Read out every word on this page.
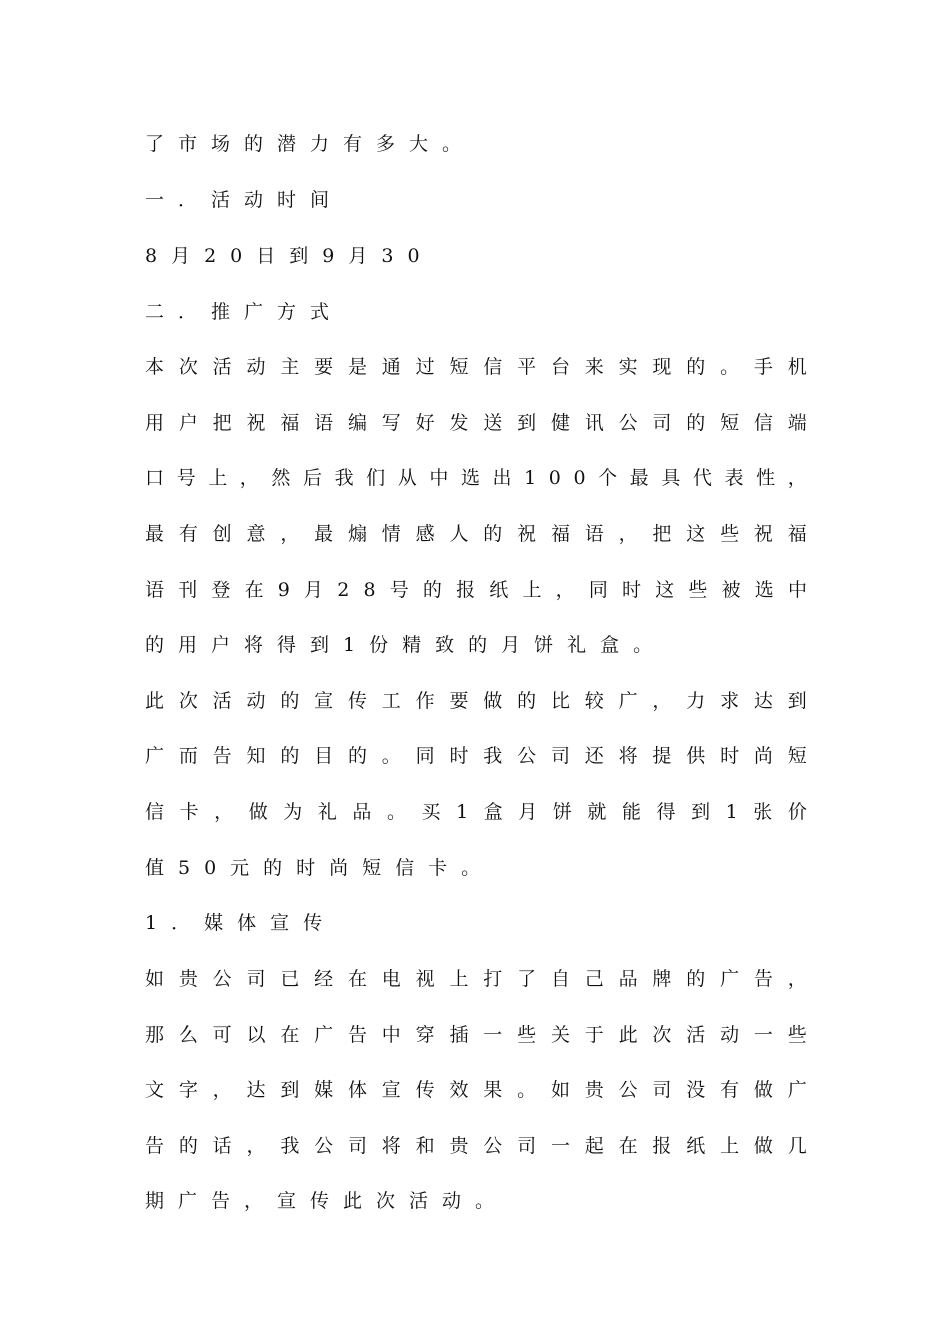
了市场的潜力有多大。
一．活动时间
8月20日到9月30
二．推广方式
本 次 活 动 主 要 是 通 过 短 信 平 台 来 实 现 的 。 手 机
用 户 把 祝 福 语 编 写 好 发 送 到 健 讯 公 司 的 短 信 端
口 号 上 ， 然 后 我 们 从 中 选 出 1 0 0 个 最 具 代 表 性 ，
最 有 创 意 ， 最 煽 情 感 人 的 祝 福 语 ， 把 这 些 祝 福
语 刊 登 在 9 月 2 8 号 的 报 纸 上 ， 同 时 这 些 被 选 中
的用户将得到1份精致的月饼礼盒。
此 次 活 动 的 宣 传 工 作 要 做 的 比 较 广 ， 力 求 达 到
广 而 告 知 的 目 的 。 同 时 我 公 司 还 将 提 供 时 尚 短
信 卡 ， 做 为 礼 品 。 买 1 盒 月 饼 就 能 得 到 1 张 价
值50元的时尚短信卡。
1．媒体宣传
如 贵 公 司 已 经 在 电 视 上 打 了 自 己 品 牌 的 广 告 ，
那 么 可 以 在 广 告 中 穿 插 一 些 关 于 此 次 活 动 一 些
文 字 ， 达 到 媒 体 宣 传 效 果 。 如 贵 公 司 没 有 做 广
告 的 话 ， 我 公 司 将 和 贵 公 司 一 起 在 报 纸 上 做 几
期广告，宣传此次活动。
